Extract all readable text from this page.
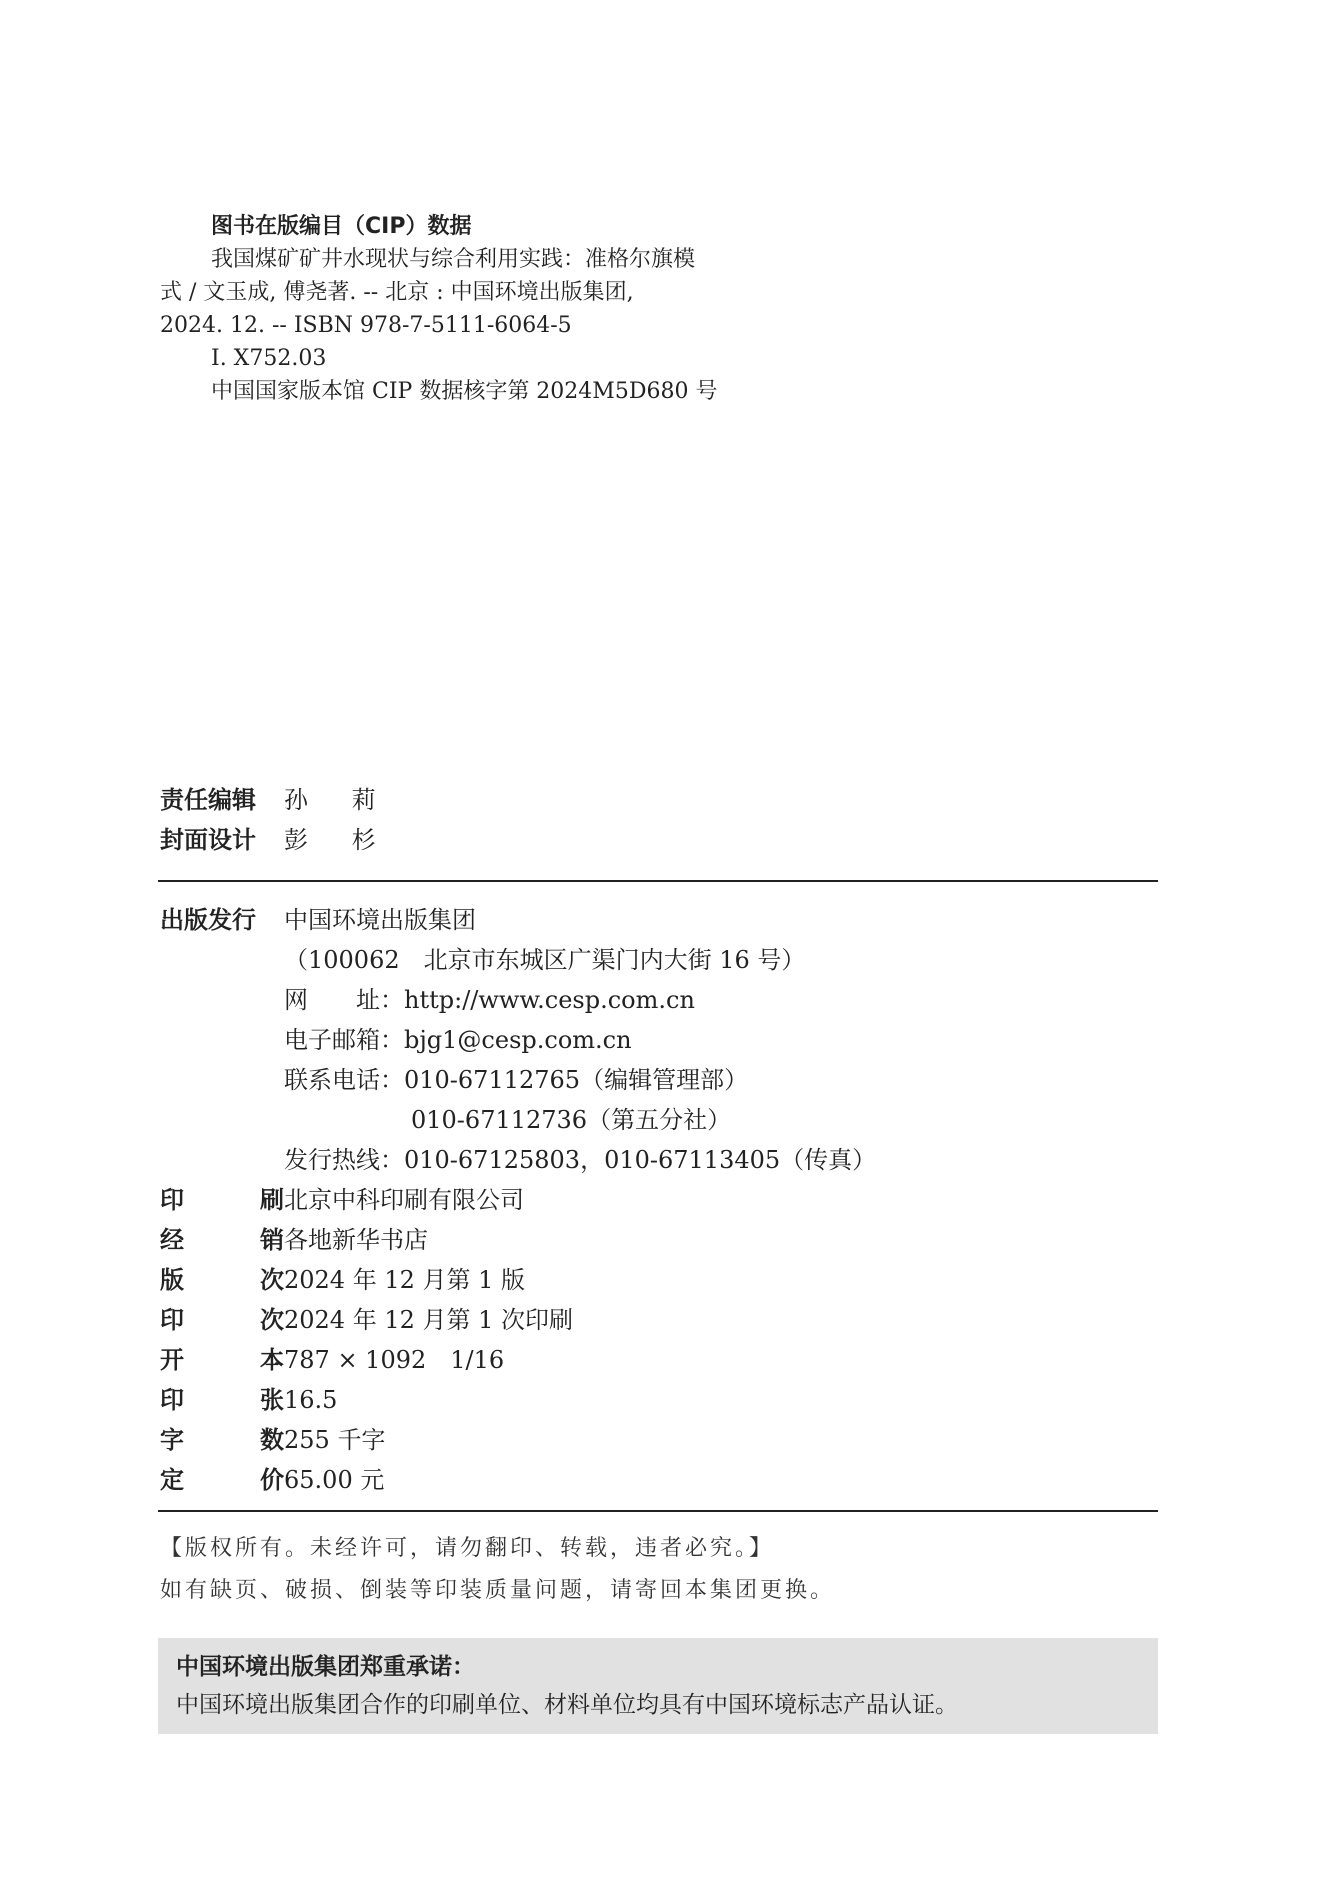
图书在版编目（CIP）数据
我国煤矿矿井水现状与综合利用实践：准格尔旗模
式 / 文玉成, 傅尧著. -- 北京 : 中国环境出版集团,
2024. 12. -- ISBN 978-7-5111-6064-5
Ⅰ. X752.03
中国国家版本馆 CIP 数据核字第 2024M5D680 号
责任编辑	孙 莉
封面设计	彭 杉
出版发行	中国环境出版集团
（100062　北京市东城区广渠门内大街 16 号）
网　　址：http://www.cesp.com.cn
电子邮箱：bjg1@cesp.com.cn
联系电话：010-67112765（编辑管理部）
010-67112736（第五分社）
发行热线：010-67125803，010-67113405（传真）
印	刷 北京中科印刷有限公司
经	销 各地新华书店
版	次 2024 年 12 月第 1 版
印	次 2024 年 12 月第 1 次印刷
开	本 787 × 1092　1/16
印	张 16.5
字	数 255 千字
定	价 65.00 元
【版权所有。未经许可，请勿翻印、转载，违者必究。】
如有缺页、破损、倒装等印装质量问题，请寄回本集团更换。
中国环境出版集团郑重承诺：
中国环境出版集团合作的印刷单位、材料单位均具有中国环境标志产品认证。
